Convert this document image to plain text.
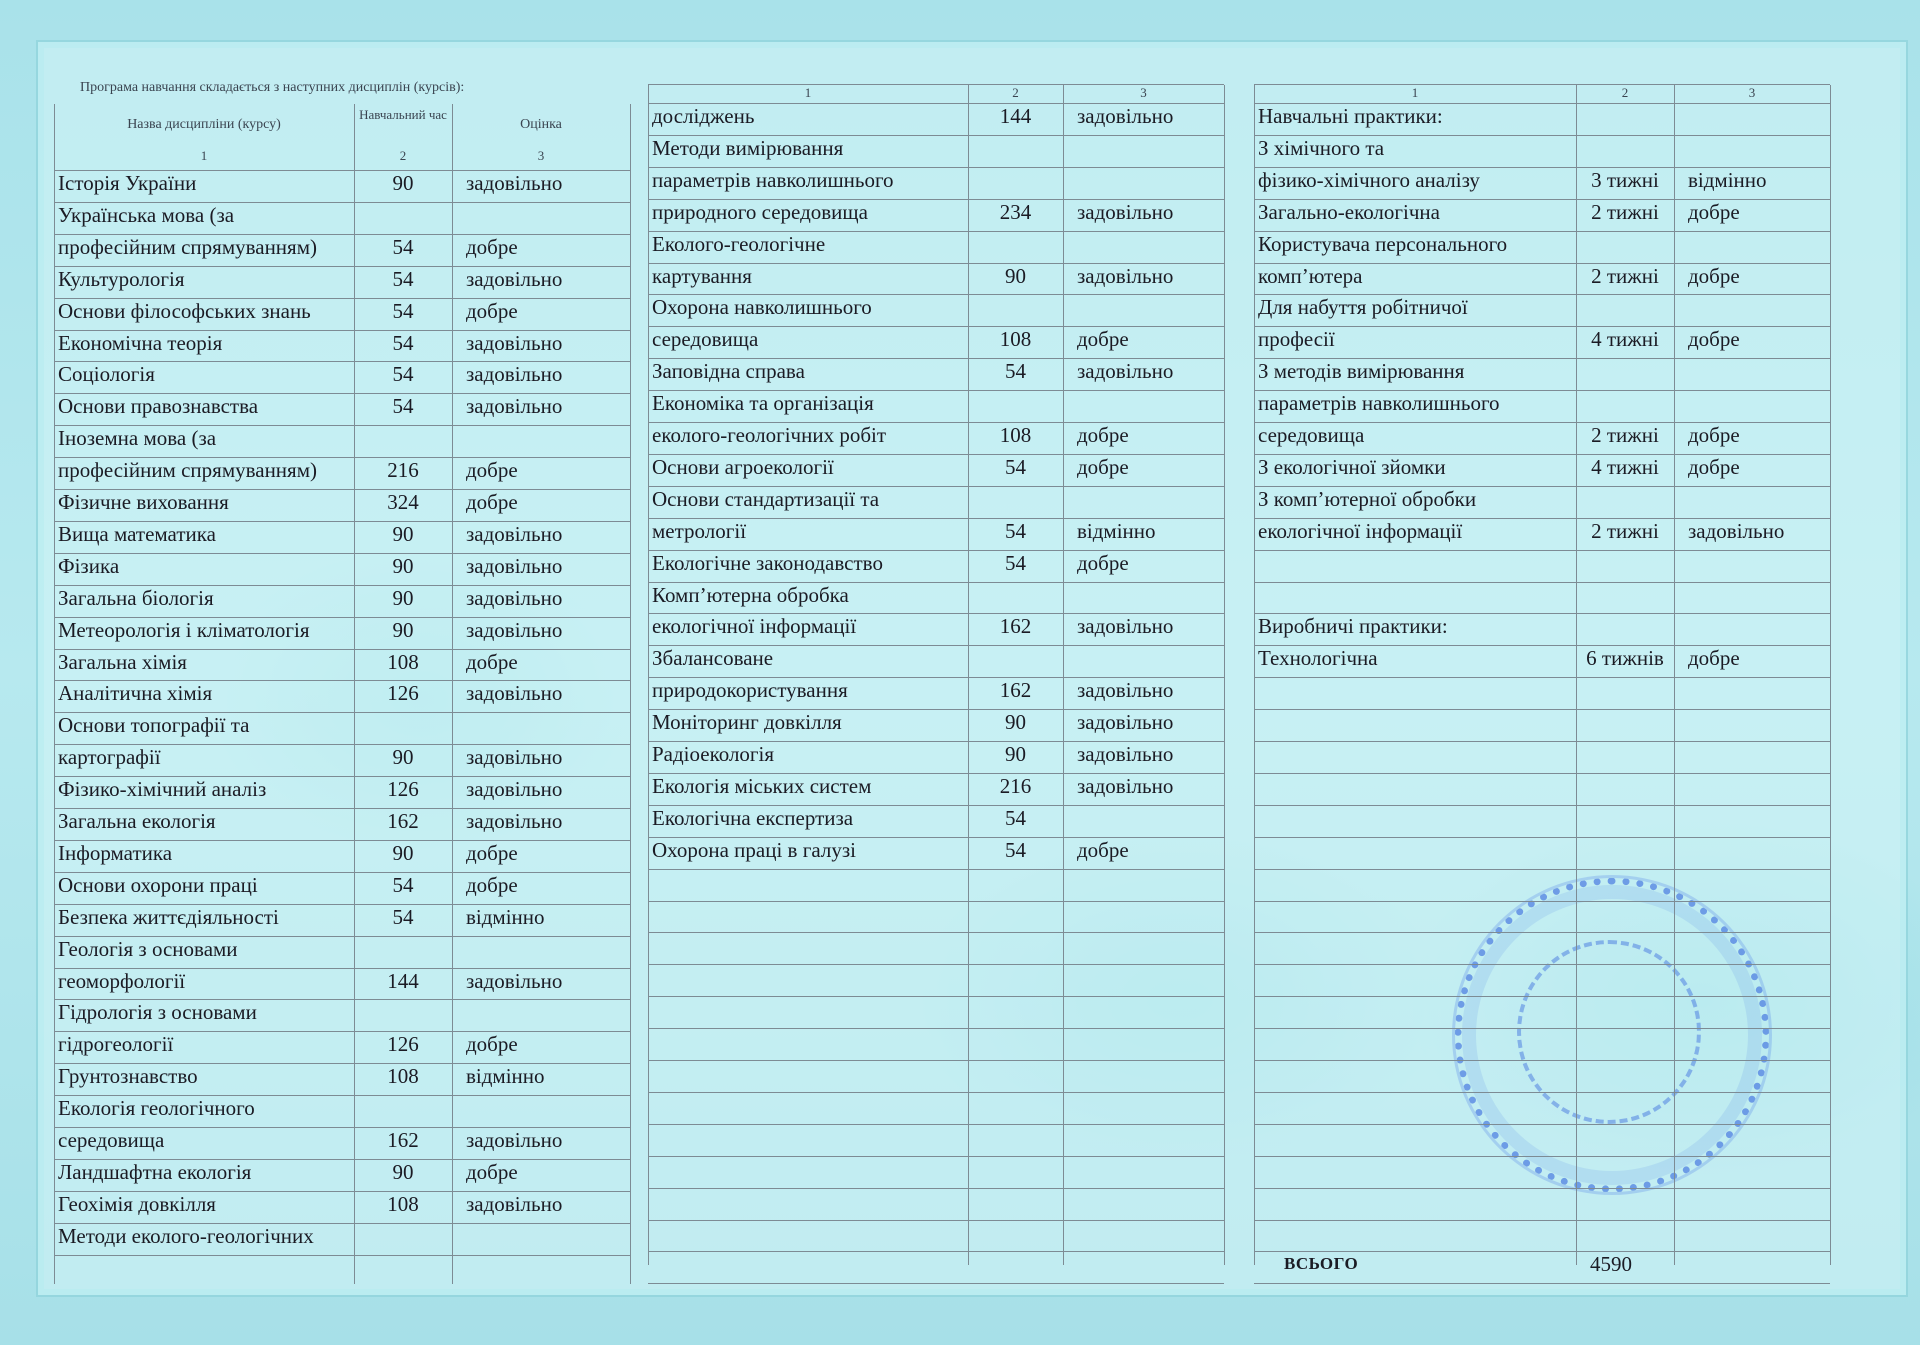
Програма навчання складається з наступних дисциплін (курсів):
Назва дисципліни (курсу)
Навчальний час
Оцінка
1	2	3
Історія України	90	задовільно
Українська мова (за
професійним спрямуванням)	54	добре
Культурологія	54	задовільно
Основи філософських знань	54	добре
Економічна теорія	54	задовільно
Соціологія	54	задовільно
Основи правознавства	54	задовільно
Іноземна мова (за
професійним спрямуванням)	216	добре
Фізичне виховання	324	добре
Вища математика	90	задовільно
Фізика	90	задовільно
Загальна біологія	90	задовільно
Метеорологія і кліматологія	90	задовільно
Загальна хімія	108	добре
Аналітична хімія	126	задовільно
Основи топографії та
картографії	90	задовільно
Фізико-хімічний аналіз	126	задовільно
Загальна екологія	162	задовільно
Інформатика	90	добре
Основи охорони праці	54	добре
Безпека життєдіяльності	54	відмінно
Геологія з основами
геоморфології	144	задовільно
Гідрологія з основами
гідрогеології	126	добре
Грунтознавство	108	відмінно
Екологія геологічного
середовища	162	задовільно
Ландшафтна екологія	90	добре
Геохімія довкілля	108	задовільно
Методи еколого-геологічних
1	2	3
досліджень	144	задовільно
Методи вимірювання
параметрів навколишнього
природного середовища	234	задовільно
Еколого-геологічне
картування	90	задовільно
Охорона навколишнього
середовища	108	добре
Заповідна справа	54	задовільно
Економіка та організація
еколого-геологічних робіт	108	добре
Основи агроекології	54	добре
Основи стандартизації та
метрології	54	відмінно
Екологічне законодавство	54	добре
Комп’ютерна обробка
екологічної інформації	162	задовільно
Збалансоване
природокористування	162	задовільно
Моніторинг довкілля	90	задовільно
Радіоекологія	90	задовільно
Екологія міських систем	216	задовільно
Екологічна експертиза	54
Охорона праці в галузі	54	добре
1	2	3
Навчальні практики:
З хімічного та
фізико-хімічного аналізу	3 тижні	відмінно
Загально-екологічна	2 тижні	добре
Користувача персонального
комп’ютера	2 тижні	добре
Для набуття робітничої
професії	4 тижні	добре
З методів вимірювання
параметрів навколишнього
середовища	2 тижні	добре
З екологічної зйомки	4 тижні	добре
З комп’ютерної обробки
екологічної інформації	2 тижні	задовільно
Виробничі практики:
Технологічна	6 тижнів	добре
ВСЬОГО	4590
